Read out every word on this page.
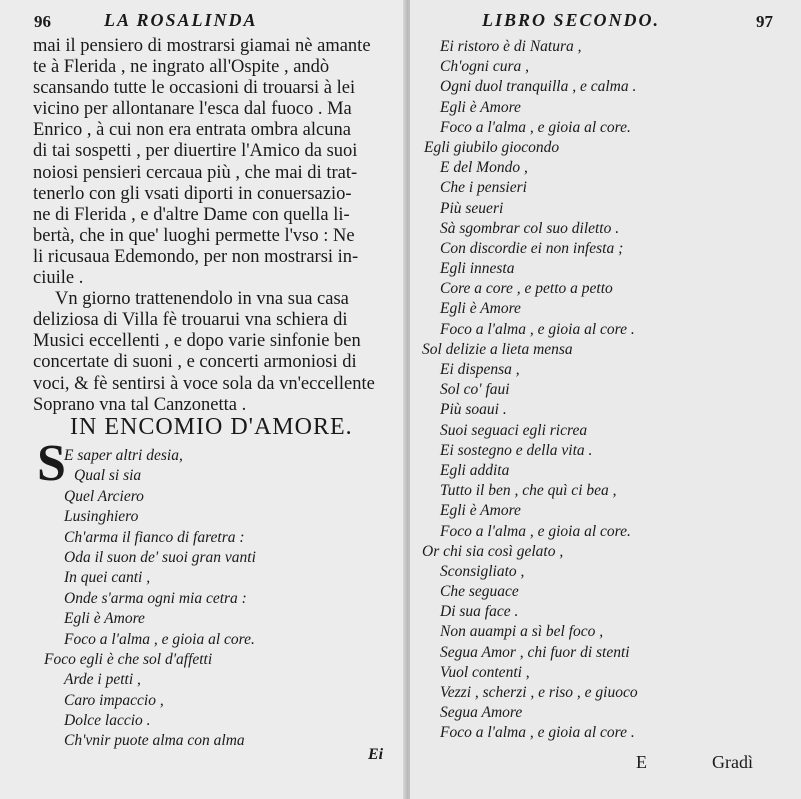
96	LA ROSALINDA

mai il pensiero di mostrarsi giamai nè amante
te à Flerida , ne ingrato all'Ospite , andò
scansando tutte le occasioni di trouarsi à lei
vicino per allontanare l'esca dal fuoco . Ma
Enrico , à cui non era entrata ombra alcuna
di tai sospetti , per diuertire l'Amico da suoi
noiosi pensieri cercaua più , che mai di trat-
tenerlo con gli vsati diporti in conuersazio-
ne di Flerida , e d'altre Dame con quella li-
bertà, che in que' luoghi permette l'vso : Ne
li ricusaua Edemondo, per non mostrarsi in-
ciuile .

Vn giorno trattenendolo in vna sua casa
deliziosa di Villa fè trouarui vna schiera di
Musici eccellenti , e dopo varie sinfonie ben
concertate di suoni , e concerti armoniosi di
voci, & fè sentirsi à voce sola da vn'eccellente
Soprano vna tal Canzonetta .

IN ENCOMIO D'AMORE.
S
E saper altri desia,
Qual si sia
Quel Arciero
Lusinghiero
Ch'arma il fianco di faretra :
Oda il suon de' suoi gran vanti
In quei canti ,
Onde s'arma ogni mia cetra :
Egli è Amore
Foco a l'alma , e gioia al core.
Foco egli è che sol d'affetti
Arde i petti ,
Caro impaccio ,
Dolce laccio .
Ch'vnir puote alma con alma
Ei
LIBRO SECONDO.	97
Ei ristoro è di Natura ,
Ch'ogni cura ,
Ogni duol tranquilla , e calma .
Egli è Amore
Foco a l'alma , e gioia al core.
Egli giubilo giocondo
E del Mondo ,
Che i pensieri
Più seueri
Sà sgombrar col suo diletto .
Con discordie ei non infesta ;
Egli innesta
Core a core , e petto a petto
Egli è Amore
Foco a l'alma , e gioia al core .
Sol delizie a lieta mensa
Ei dispensa ,
Sol co' faui
Più soaui .
Suoi seguaci egli ricrea
Ei sostegno e della vita .
Egli addita
Tutto il ben , che quì ci bea ,
Egli è Amore
Foco a l'alma , e gioia al core.
Or chi sia così gelato ,
Sconsigliato ,
Che seguace
Di sua face .
Non auampi a sì bel foco ,
Segua Amor , chi fuor di stenti
Vuol contenti ,
Vezzi , scherzi , e riso , e giuoco
Segua Amore
Foco a l'alma , e gioia al core .
E	Gradì
